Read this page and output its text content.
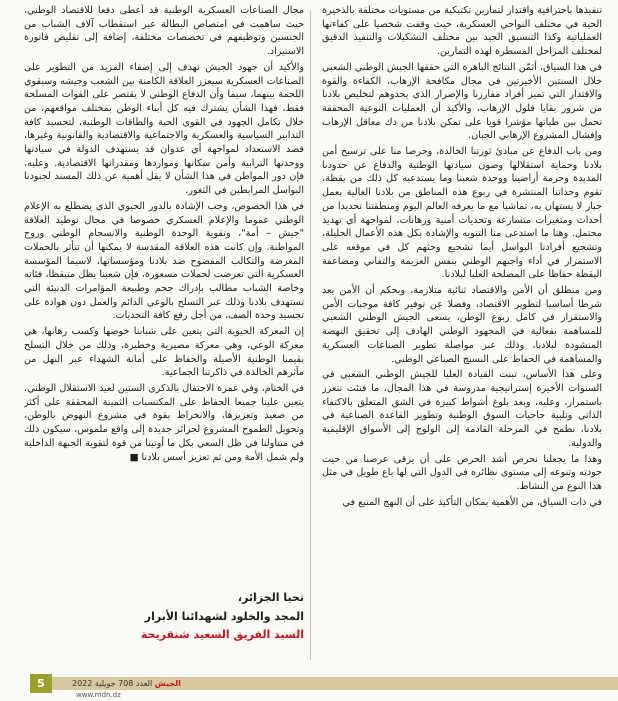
تنفيذها باحترافية واقتدار لتمارين تكتيكية من مستويات مختلفة بالذخيرة الحية في مختلف النواحي العسكرية، حيث وقفت شخصيا على كفاءتها العملياتية وكذا التنسيق الجيد بين مختلف التشكيلات والتنفيذ الدقيق لمختلف المراحل المسطرة لهذه التمارين.

في هذا السياق، أثمّن النتائج الباهرة التي حققها الجيش الوطني الشعبي خلال السنتين الأخيرتين في مجال مكافحة الإرهاب، الكفاءة والقوة والاقتدار التي تميز أفراد مفارزنا والإصرار الذي يحدوهم لتخليص بلادنا من شرور بقايا فلول الإرهاب، والأكيد أن العمليات النوعية المحققة تحمل بين طياتها مؤشرا قويا على تمكن بلادنا من دك معاقل الإرهاب وإفشال المشروع الإرهابي الجبان.

ومن باب الدفاع عن مبادئ ثورتنا الخالدة، وحرصا منا على ترسيخ أمن بلادنا وحماية استقلالها وصون سيادتها الوطنية والدفاع عن حدودنا المديدة وحرمة أراضينا ووحدة شعبنا وما يستدعيه كل ذلك من يقظة، تقوم وحداتنا المنتشرة في ربوع هذه المناطق من بلادنا الغالية بعمل جبار لا يستهان به، تماشيا مع ما يعرفه العالم اليوم ومنطقتنا تحديدا من أحداث ومتغيرات متسارعة وتحديات أمنية ورهانات، لمواجهة أي تهديد محتمل. وهنا ما استدعى منا التنويه والإشادة بكل هذه الأعمال الجليلة، وتشجيع أفرادنا البواسل أيما تشجيع وحثهم كل في موقعه على الاستمرار في أداء واجبهم الوطني بنفس العزيمة والتفاني ومضاعفة اليقظة حفاظا على المصلحة العليا لبلادنا.

ومن منطلق أن الأمن والاقتصاد ثنائية متلازمة، وبحكم أن الأمن يعد شرطا أساسيا لتطوير الاقتصاد، وفضلا عن توفير كافة موجبات الأمن والاستقرار في كامل ربوع الوطن، يسعى الجيش الوطني الشعبي للمساهمة بفعالية في المجهود الوطني الهادف إلى تحقيق النهضة المنشودة لبلادنا، وذلك عبر مواصلة تطوير الصناعات العسكرية والمساهمة في الحفاظ على النسيج الصناعي الوطني.

وعلى هذا الأساس، تبنت القيادة العليا للجيش الوطني الشعبي في السنوات الأخيرة إستراتيجية مدروسة في هذا المجال، ما فتئت تتعزز باستمرار، وعليه، وبعد بلوغ أشواط كبيرة في الشق المتعلق بالاكتفاء الذاتي وتلبية حاجيات السوق الوطنية وتطوير القاعدة الصناعية في بلادنا، نطمح في المرحلة القادمة إلى الولوج إلى الأسواق الإقليمية والدولية.

وهذا ما يجعلنا نحرص أشد الحرص على أن يرقى عرضنا من حيث جودته وتنوعه إلى مستوى نظائره في الدول التي لها باع طويل في مثل هذا النوع من النشاط.

في ذات السياق، من الأهمية بمكان التأكيد على أن النهج المتبع في

مجال الصناعات العسكرية الوطنية قد أعطى دفعا للاقتصاد الوطني، حيث ساهمت في امتصاص البطالة عبر استقطاب آلاف الشباب من الجنسين وتوظيفهم في تخصصات مختلفة، إضافة إلى تقليص فاتورة الاستيراد.

والأكيد أن جهود الجيش تهدف إلى إضفاء المزيد من التطوير على الصناعات العسكرية سيعزز العلاقة الكامنة بين الشعب وجيشه وسيقوي اللحمة بينهما، سيما وأن الدفاع الوطني لا يقتصر على القوات المسلحة فقط، فهذا الشأن يشترك فيه كل أبناء الوطن بمختلف مواقعهم، من خلال تكامل الجهود في القوى الحية والطاقات الوطنية، لتجسيد كافة التدابير السياسية والعسكرية والاجتماعية والاقتصادية والقانونية وغيرها، قصد الاستعداد لمواجهة أي عدوان قد يستهدف الدولة في سيادتها ووحدتها الترابية وأمن سكانها ومواردها ومقدراتها الاقتصادية. وعليه، فإن دور المواطن في هذا الشأن لا يقل أهمية عن ذلك المسند لجنودنا البواسل المرابطين في الثغور.

في هذا الخصوص، وجب الإشادة بالدور الحيوي الذي يضطلع به الإعلام الوطني عموما والإعلام العسكري خصوصا في مجال توطيد العلاقة "جيش – أمة"، وتقوية الوحدة الوطنية والانسجام الوطني وروح المواطنة. وإن كانت هذه العلاقة المقدسة لا يمكنها أن تتأثر بالحملات المغرضة والتكالب المفضوح ضد بلادنا ومؤسساتها، لاسيما المؤسسة العسكرية التي تعرضت لحملات مسعورة، فإن شعبنا يظل متيقظا، فئاته وخاصة الشباب مطالب بإدراك حجم وطبيعة المؤامرات الدنيئة التي تستهدف بلادنا وذلك عبر التسلح بالوعي الدائم والعمل دون هوادة على تجسيد وحدة الصف، من أجل رفع كافة التحديات.

إن المعركة الحيوية التي يتعين على شبابنا خوضها وكسب رهانها، هي معركة الوعي، وهي معركة مصيرية وخطيرة، وذلك من خلال التسلح بقيمنا الوطنية الأصيلة والحفاظ على أمانة الشهداء عبر النهل من مآثرهم الخالدة في ذاكرتنا الجماعية.

في الختام، وفي غمرة الاحتفال بالذكرى الستين لعيد الاستقلال الوطني، يتعين علينا جميعا الحفاظ على المكتسبات الثمينة المحققة على أكثر من صعيد وتعزيزها، والانخراط بقوة في مشروع النهوض بالوطن، وتحويل الطموح المشروع لجزائر جديدة إلى واقع ملموس، سيكون ذلك في متناولنا في ظل السعي بكل ما أوتينا من قوة لتقوية الجبهة الداخلية ولم شمل الأمة ومن ثم تعزيز أسس بلادنا ■

تحيا الجزائر،
المجد والخلود لشهدائنا الأبرار
السيد الفريق السعيد شنقريحة
5	الجيش العدد 708 جويلية 2022
www.mdn.dz
